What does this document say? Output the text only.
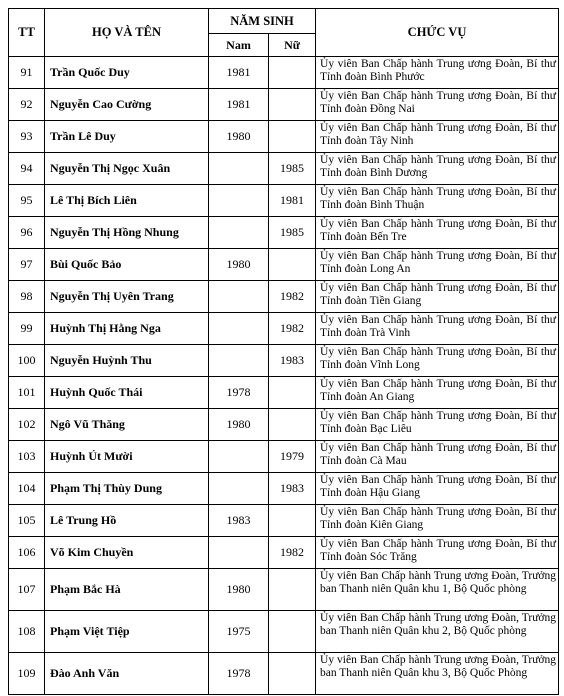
TT	HỌ VÀ TÊN	NĂM SINH		CHỨC VỤ
		Nam	Nữ	
91	Trần Quốc Duy	1981		Ủy viên Ban Chấp hành Trung ương Đoàn, Bí thư Tỉnh đoàn Bình Phước
92	Nguyễn Cao Cường	1981		Ủy viên Ban Chấp hành Trung ương Đoàn, Bí thư Tỉnh đoàn Đồng Nai
93	Trần Lê Duy	1980		Ủy viên Ban Chấp hành Trung ương Đoàn, Bí thư Tỉnh đoàn Tây Ninh
94	Nguyễn Thị Ngọc Xuân		1985	Ủy viên Ban Chấp hành Trung ương Đoàn, Bí thư Tỉnh đoàn Bình Dương
95	Lê Thị Bích Liên		1981	Ủy viên Ban Chấp hành Trung ương Đoàn, Bí thư Tỉnh đoàn Bình Thuận
96	Nguyễn Thị Hồng Nhung		1985	Ủy viên Ban Chấp hành Trung ương Đoàn, Bí thư Tỉnh đoàn Bến Tre
97	Bùi Quốc Bảo	1980		Ủy viên Ban Chấp hành Trung ương Đoàn, Bí thư Tỉnh đoàn Long An
98	Nguyễn Thị Uyên Trang		1982	Ủy viên Ban Chấp hành Trung ương Đoàn, Bí thư Tỉnh đoàn Tiền Giang
99	Huỳnh Thị Hằng Nga		1982	Ủy viên Ban Chấp hành Trung ương Đoàn, Bí thư Tỉnh đoàn Trà Vinh
100	Nguyễn Huỳnh Thu		1983	Ủy viên Ban Chấp hành Trung ương Đoàn, Bí thư Tỉnh đoàn Vĩnh Long
101	Huỳnh Quốc Thái	1978		Ủy viên Ban Chấp hành Trung ương Đoàn, Bí thư Tỉnh đoàn An Giang
102	Ngô Vũ Thăng	1980		Ủy viên Ban Chấp hành Trung ương Đoàn, Bí thư Tỉnh đoàn Bạc Liêu
103	Huỳnh Út Mười		1979	Ủy viên Ban Chấp hành Trung ương Đoàn, Bí thư Tỉnh đoàn Cà Mau
104	Phạm Thị Thùy Dung		1983	Ủy viên Ban Chấp hành Trung ương Đoàn, Bí thư Tỉnh đoàn Hậu Giang
105	Lê Trung Hồ	1983		Ủy viên Ban Chấp hành Trung ương Đoàn, Bí thư Tỉnh đoàn Kiên Giang
106	Võ Kim Chuyền		1982	Ủy viên Ban Chấp hành Trung ương Đoàn, Bí thư Tỉnh đoàn Sóc Trăng
107	Phạm Bắc Hà	1980		Ủy viên Ban Chấp hành Trung ương Đoàn, Trưởng ban Thanh niên Quân khu 1, Bộ Quốc phòng
108	Phạm Việt Tiệp	1975		Ủy viên Ban Chấp hành Trung ương Đoàn, Trưởng ban Thanh niên Quân khu 2, Bộ Quốc phòng
109	Đào Anh Văn	1978		Ủy viên Ban Chấp hành Trung ương Đoàn, Trưởng ban Thanh niên Quân khu 3, Bộ Quốc Phòng
